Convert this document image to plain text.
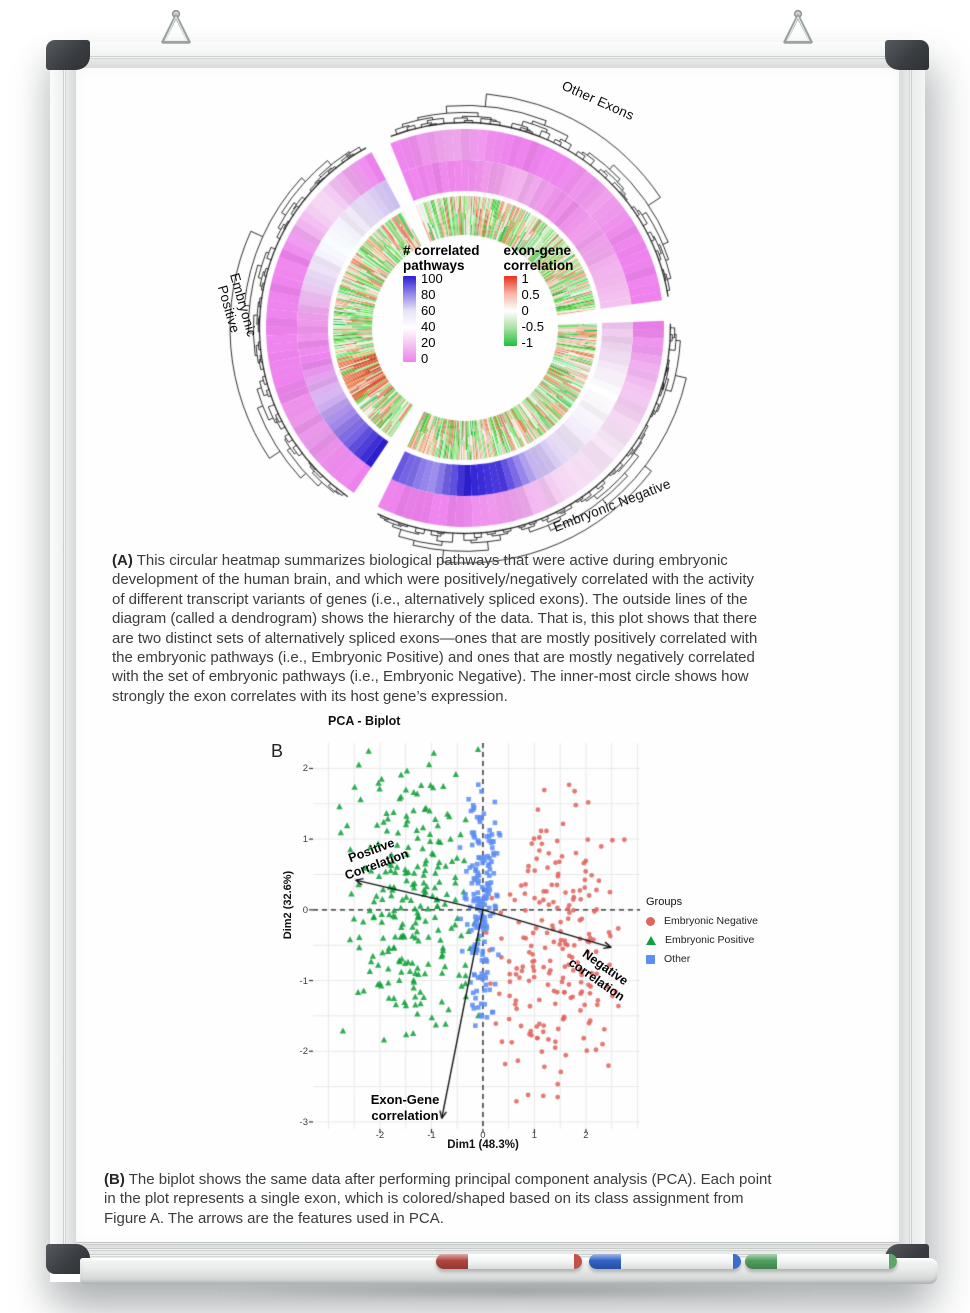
Other Exons
Embryonic Positive
Embryonic Negative
# correlated
pathways
100
80
60
40
20
0
exon-gene
correlation
1
0.5
0
-0.5
-1
(A) This circular heatmap summarizes biological pathways that were active during embryonic
development of the human brain, and which were positively/negatively correlated with the activity
of different transcript variants of genes (i.e., alternatively spliced exons). The outside lines of the
diagram (called a dendrogram) shows the hierarchy of the data. That is, this plot shows that there
are two distinct sets of alternatively spliced exons—ones that are mostly positively correlated with
the embryonic pathways (i.e., Embryonic Positive) and ones that are mostly negatively correlated
with the set of embryonic pathways (i.e., Embryonic Negative). The inner-most circle shows how
strongly the exon correlates with its host gene’s expression.
PCA - Biplot
B
Dim1 (48.3%)
Dim2 (32.6%)
-2	-1	0	1	2
2
1
0
-1
-2
-3
Positive
Correlation
Negative
correlation
Exon-Gene
correlation
Groups
Embryonic Negative
Embryonic Positive
Other
(B) The biplot shows the same data after performing principal component analysis (PCA). Each point
in the plot represents a single exon, which is colored/shaped based on its class assignment from
Figure A. The arrows are the features used in PCA.
